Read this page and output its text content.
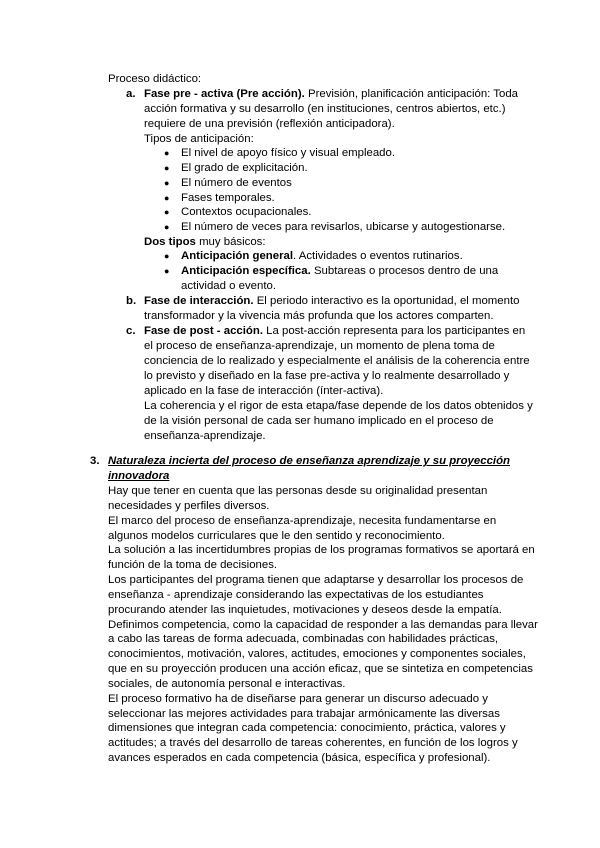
Proceso didáctico:
a. Fase pre - activa (Pre acción). Previsión, planificación anticipación: Toda
acción formativa y su desarrollo (en instituciones, centros abiertos, etc.)
requiere de una previsión (reflexión anticipadora).
Tipos de anticipación:
● El nivel de apoyo físico y visual empleado.
● El grado de explicitación.
● El número de eventos
● Fases temporales.
● Contextos ocupacionales.
● El número de veces para revisarlos, ubicarse y autogestionarse.
Dos tipos muy básicos:
● Anticipación general. Actividades o eventos rutinarios.
● Anticipación específica. Subtareas o procesos dentro de una
actividad o evento.
b. Fase de interacción. El periodo interactivo es la oportunidad, el momento
transformador y la vivencia más profunda que los actores comparten.
c. Fase de post - acción. La post-acción representa para los participantes en
el proceso de enseñanza-aprendizaje, un momento de plena toma de
conciencia de lo realizado y especialmente el análisis de la coherencia entre
lo previsto y diseñado en la fase pre-activa y lo realmente desarrollado y
aplicado en la fase de interacción (ínter-activa).
La coherencia y el rigor de esta etapa/fase depende de los datos obtenidos y
de la visión personal de cada ser humano implicado en el proceso de
enseñanza-aprendizaje.
3. Naturaleza incierta del proceso de enseñanza aprendizaje y su proyección
innovadora
Hay que tener en cuenta que las personas desde su originalidad presentan
necesidades y perfiles diversos.
El marco del proceso de enseñanza-aprendizaje, necesita fundamentarse en
algunos modelos curriculares que le den sentido y reconocimiento.
La solución a las incertidumbres propias de los programas formativos se aportará en
función de la toma de decisiones.
Los participantes del programa tienen que adaptarse y desarrollar los procesos de
enseñanza - aprendizaje considerando las expectativas de los estudiantes
procurando atender las inquietudes, motivaciones y deseos desde la empatía.
Definimos competencia, como la capacidad de responder a las demandas para llevar
a cabo las tareas de forma adecuada, combinadas con habilidades prácticas,
conocimientos, motivación, valores, actitudes, emociones y componentes sociales,
que en su proyección producen una acción eficaz, que se sintetiza en competencias
sociales, de autonomía personal e interactivas.
El proceso formativo ha de diseñarse para generar un discurso adecuado y
seleccionar las mejores actividades para trabajar armónicamente las diversas
dimensiones que integran cada competencia: conocimiento, práctica, valores y
actitudes; a través del desarrollo de tareas coherentes, en función de los logros y
avances esperados en cada competencia (básica, específica y profesional).
